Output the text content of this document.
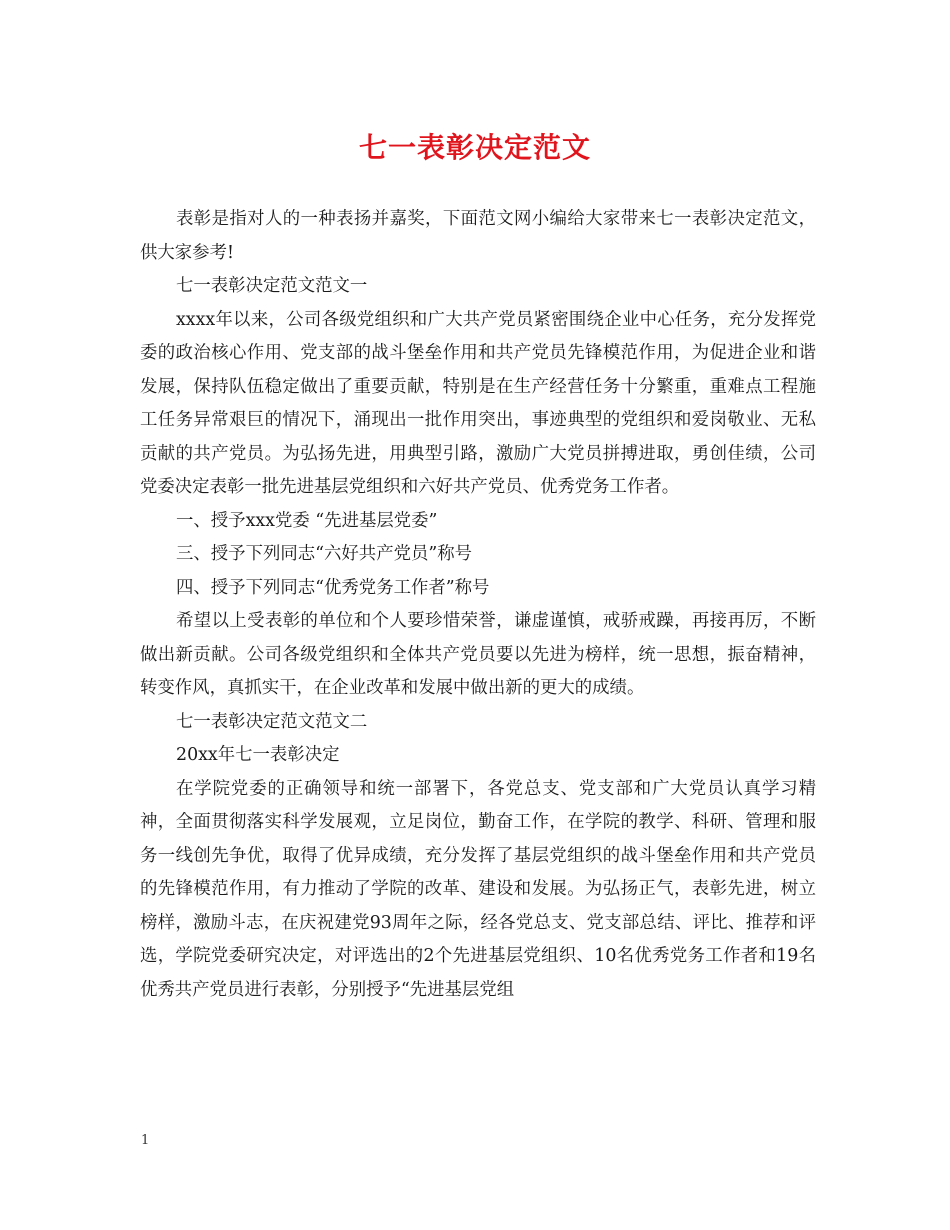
七一表彰决定范文

表彰是指对人的一种表扬并嘉奖，下面范文网小编给大家带来七一表彰决定范文，供大家参考!

七一表彰决定范文范文一

xxxx年以来，公司各级党组织和广大共产党员紧密围绕企业中心任务，充分发挥党委的政治核心作用、党支部的战斗堡垒作用和共产党员先锋模范作用，为促进企业和谐发展，保持队伍稳定做出了重要贡献，特别是在生产经营任务十分繁重，重难点工程施工任务异常艰巨的情况下，涌现出一批作用突出，事迹典型的党组织和爱岗敬业、无私贡献的共产党员。为弘扬先进，用典型引路，激励广大党员拼搏进取，勇创佳绩，公司党委决定表彰一批先进基层党组织和六好共产党员、优秀党务工作者。

一、授予xxx党委 “先进基层党委”

三、授予下列同志“六好共产党员”称号

四、授予下列同志“优秀党务工作者”称号

希望以上受表彰的单位和个人要珍惜荣誉，谦虚谨慎，戒骄戒躁，再接再厉，不断做出新贡献。公司各级党组织和全体共产党员要以先进为榜样，统一思想，振奋精神，转变作风，真抓实干，在企业改革和发展中做出新的更大的成绩。

七一表彰决定范文范文二

20xx年七一表彰决定

在学院党委的正确领导和统一部署下，各党总支、党支部和广大党员认真学习精神，全面贯彻落实科学发展观，立足岗位，勤奋工作，在学院的教学、科研、管理和服务一线创先争优，取得了优异成绩，充分发挥了基层党组织的战斗堡垒作用和共产党员的先锋模范作用，有力推动了学院的改革、建设和发展。为弘扬正气，表彰先进，树立榜样，激励斗志，在庆祝建党93周年之际，经各党总支、党支部总结、评比、推荐和评选，学院党委研究决定，对评选出的2个先进基层党组织、10名优秀党务工作者和19名优秀共产党员进行表彰，分别授予“先进基层党组

1
